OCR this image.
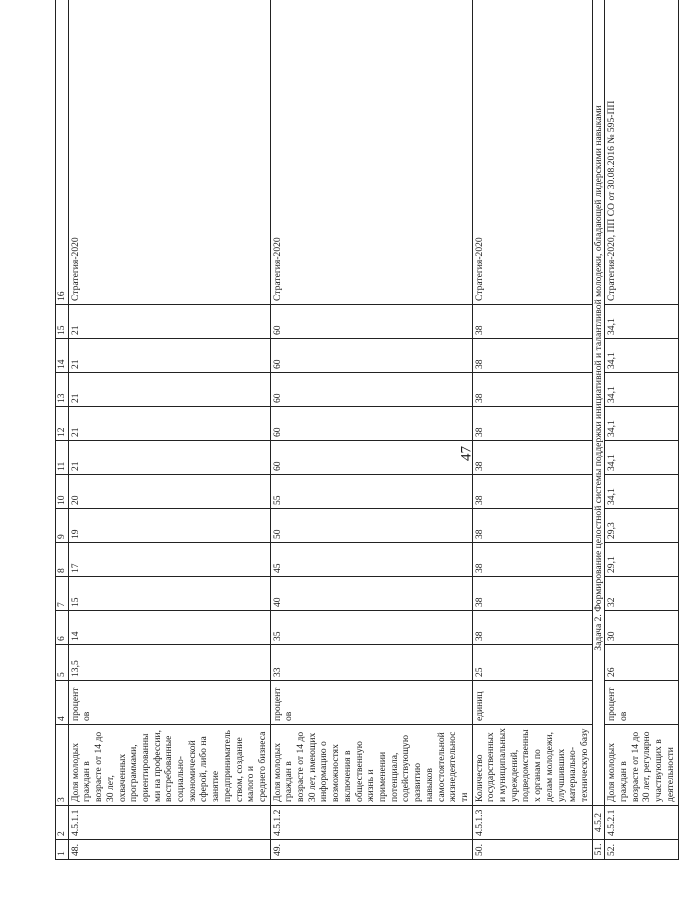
47
1	2	3	4	5	6	7	8	9	10	11	12	13	14	15	16
48.	4.5.1.1	Доля молодых граждан в возрасте от 14 до 30 лет, охваченных программами, ориентированными на профессии, востребованные социально-экономической сферой, либо на занятие предпринимательством, создание малого и среднего бизнеса	процентов	13,5	14	15	17	19	20	21	21	21	21	21	Стратегия-2020
49.	4.5.1.2	Доля молодых граждан в возрасте от 14 до 30 лет, имеющих информацию о возможностях включения в общественную жизнь и применении потенциала, содействующую развитию навыков самостоятельной жизнедеятельности	процентов	33	35	40	45	50	55	60	60	60	60	60	Стратегия-2020
50.	4.5.1.3	Количество государственных и муниципальных учреждений, подведомственных органам по делам молодежи, улучшивших материально-техническую базу	единиц	25	38	38	38	38	38	38	38	38	38	38	Стратегия-2020
51.	4.5.2	Задача 2. Формирование целостной системы поддержки инициативной и талантливой молодежи, обладающей лидерскими навыками													
52.	4.5.2.1	Доля молодых граждан в возрасте от 14 до 30 лет, регулярно участвующих в деятельности	процентов	26	30	32	29,1	29,3	34,1	34,1	34,1	34,1	34,1	34,1	Стратегия-2020, ПП СО от 30.08.2016 № 595-ПП
